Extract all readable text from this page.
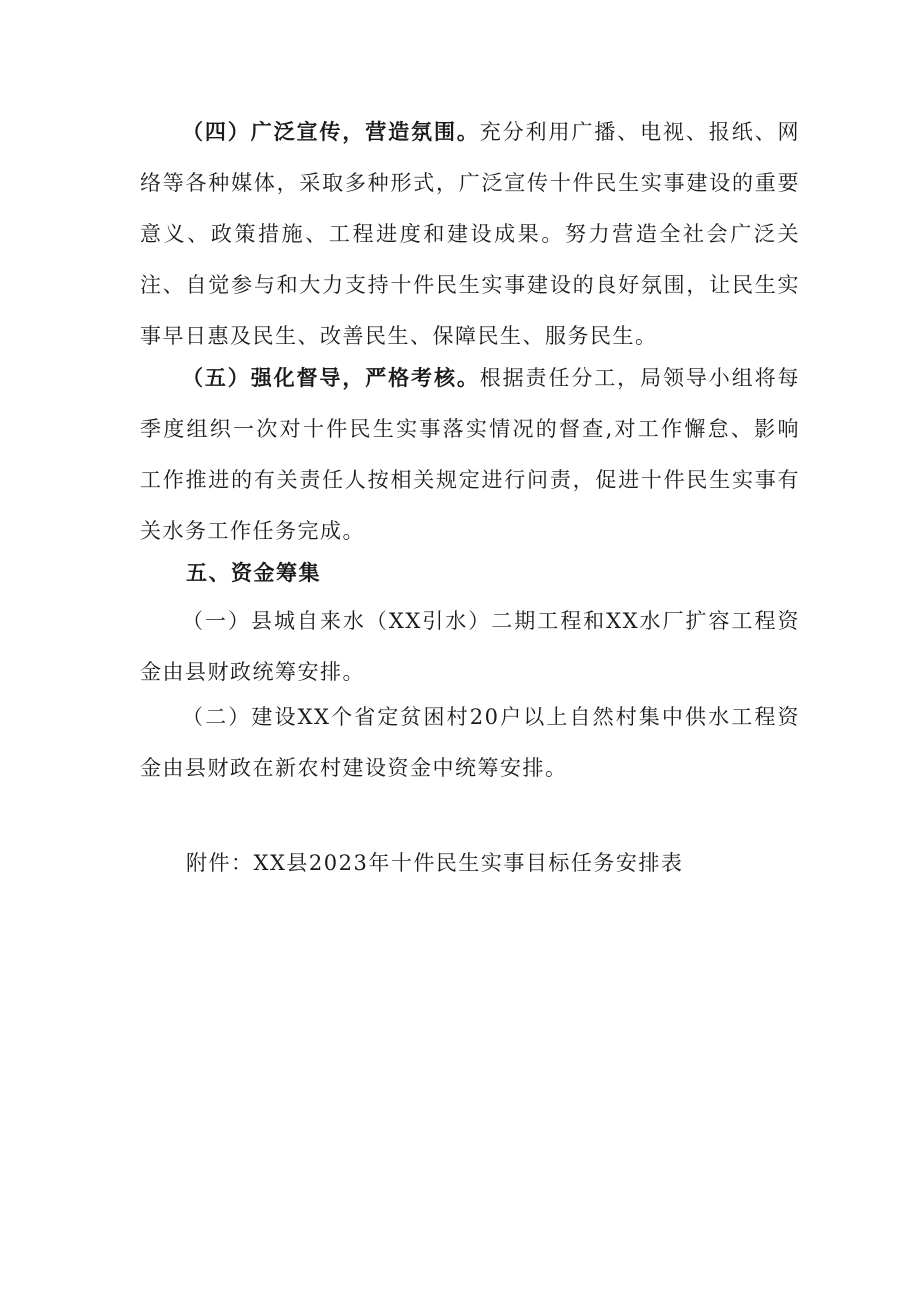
（四）广泛宣传，营造氛围。充分利用广播、电视、报纸、网络等各种媒体，采取多种形式，广泛宣传十件民生实事建设的重要意义、政策措施、工程进度和建设成果。努力营造全社会广泛关注、自觉参与和大力支持十件民生实事建设的良好氛围，让民生实事早日惠及民生、改善民生、保障民生、服务民生。

（五）强化督导，严格考核。根据责任分工，局领导小组将每季度组织一次对十件民生实事落实情况的督查,对工作懈怠、影响工作推进的有关责任人按相关规定进行问责，促进十件民生实事有关水务工作任务完成。

五、资金筹集

（一）县城自来水（XX引水）二期工程和XX水厂扩容工程资金由县财政统筹安排。

（二）建设XX个省定贫困村20户以上自然村集中供水工程资金由县财政在新农村建设资金中统筹安排。

附件：XX县2023年十件民生实事目标任务安排表
